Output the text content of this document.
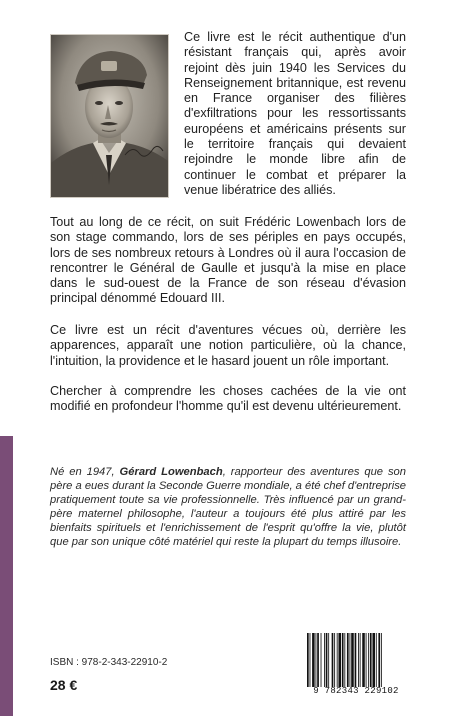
Ce livre est le récit authentique d'un résistant français qui, après avoir rejoint dès juin 1940 les Services du Renseignement britannique, est revenu en France organiser des filières d'exfiltrations pour les ressortissants européens et américains présents sur le territoire français qui devaient rejoindre le monde libre afin de continuer le combat et préparer la venue libératrice des alliés.

Tout au long de ce récit, on suit Frédéric Lowenbach lors de son stage commando, lors de ses périples en pays occupés, lors de ses nombreux retours à Londres où il aura l'occasion de rencontrer le Général de Gaulle et jusqu'à la mise en place dans le sud-ouest de la France de son réseau d'évasion principal dénommé Edouard III.

Ce livre est un récit d'aventures vécues où, derrière les apparences, apparaît une notion particulière, où la chance, l'intuition, la providence et le hasard jouent un rôle important.

Chercher à comprendre les choses cachées de la vie ont modifié en profondeur l'homme qu'il est devenu ultérieurement.

Né en 1947, Gérard Lowenbach, rapporteur des aventures que son père a eues durant la Seconde Guerre mondiale, a été chef d'entreprise pratiquement toute sa vie professionnelle. Très influencé par un grand-père maternel philosophe, l'auteur a toujours été plus attiré par les bienfaits spirituels et l'enrichissement de l'esprit qu'offre la vie, plutôt que par son unique côté matériel qui reste la plupart du temps illusoire.

ISBN : 978-2-343-22910-2
28 €	9 782343 229102
